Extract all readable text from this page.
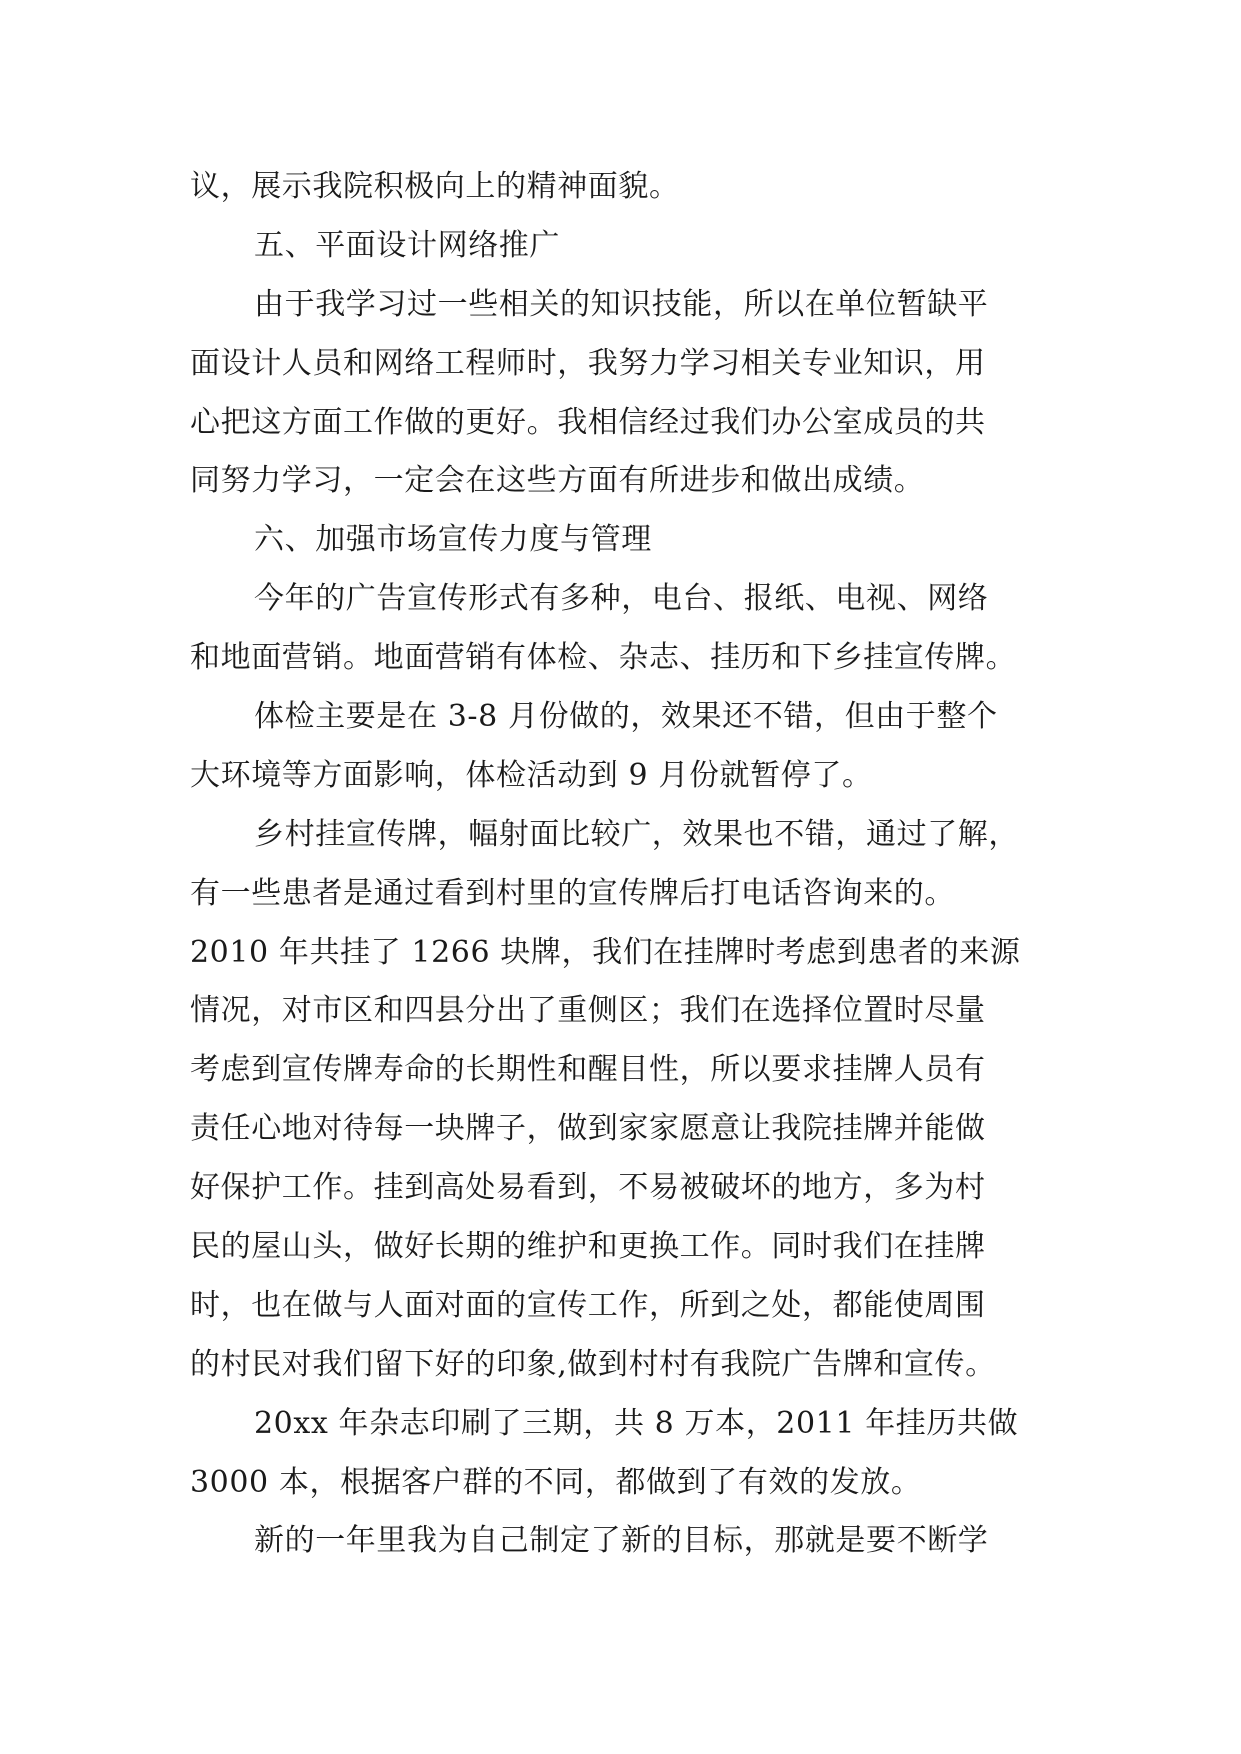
议，展示我院积极向上的精神面貌。
五、平面设计网络推广
由于我学习过一些相关的知识技能，所以在单位暂缺平
面设计人员和网络工程师时，我努力学习相关专业知识，用
心把这方面工作做的更好。我相信经过我们办公室成员的共
同努力学习，一定会在这些方面有所进步和做出成绩。
六、加强市场宣传力度与管理
今年的广告宣传形式有多种，电台、报纸、电视、网络
和地面营销。地面营销有体检、杂志、挂历和下乡挂宣传牌。
体检主要是在 3-8 月份做的，效果还不错，但由于整个
大环境等方面影响，体检活动到 9 月份就暂停了。
乡村挂宣传牌，幅射面比较广，效果也不错，通过了解，
有一些患者是通过看到村里的宣传牌后打电话咨询来的。
2010 年共挂了 1266 块牌，我们在挂牌时考虑到患者的来源
情况，对市区和四县分出了重侧区；我们在选择位置时尽量
考虑到宣传牌寿命的长期性和醒目性，所以要求挂牌人员有
责任心地对待每一块牌子，做到家家愿意让我院挂牌并能做
好保护工作。挂到高处易看到，不易被破坏的地方，多为村
民的屋山头，做好长期的维护和更换工作。同时我们在挂牌
时，也在做与人面对面的宣传工作，所到之处，都能使周围
的村民对我们留下好的印象,做到村村有我院广告牌和宣传。
20xx 年杂志印刷了三期，共 8 万本，2011 年挂历共做
3000 本，根据客户群的不同，都做到了有效的发放。
新的一年里我为自己制定了新的目标，那就是要不断学
